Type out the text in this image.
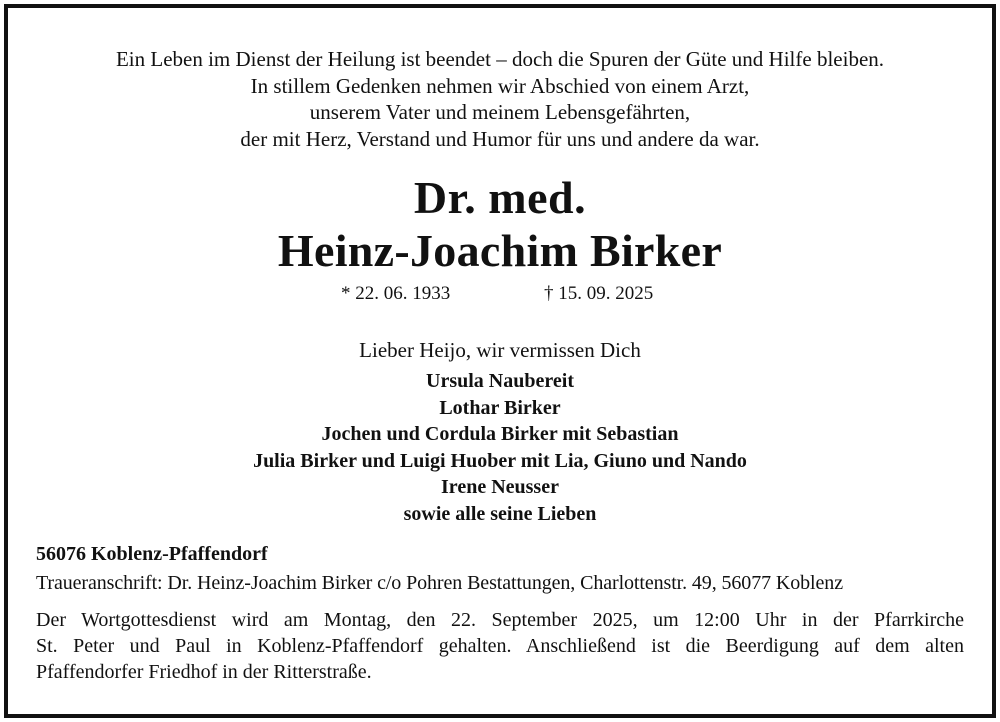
Ein Leben im Dienst der Heilung ist beendet – doch die Spuren der Güte und Hilfe bleiben.
In stillem Gedenken nehmen wir Abschied von einem Arzt,
unserem Vater und meinem Lebensgefährten,
der mit Herz, Verstand und Humor für uns und andere da war.
Dr. med.
Heinz-Joachim Birker
* 22. 06. 1933	† 15. 09. 2025
Lieber Heijo, wir vermissen Dich
Ursula Naubereit
Lothar Birker
Jochen und Cordula Birker mit Sebastian
Julia Birker und Luigi Huober mit Lia, Giuno und Nando
Irene Neusser
sowie alle seine Lieben
56076 Koblenz-Pfaffendorf
Traueranschrift: Dr. Heinz-Joachim Birker c/o Pohren Bestattungen, Charlottenstr. 49, 56077 Koblenz
Der Wortgottesdienst wird am Montag, den 22. September 2025, um 12:00 Uhr in der Pfarrkirche
St. Peter und Paul in Koblenz-Pfaffendorf gehalten. Anschließend ist die Beerdigung auf dem alten
Pfaffendorfer Friedhof in der Ritterstraße.
